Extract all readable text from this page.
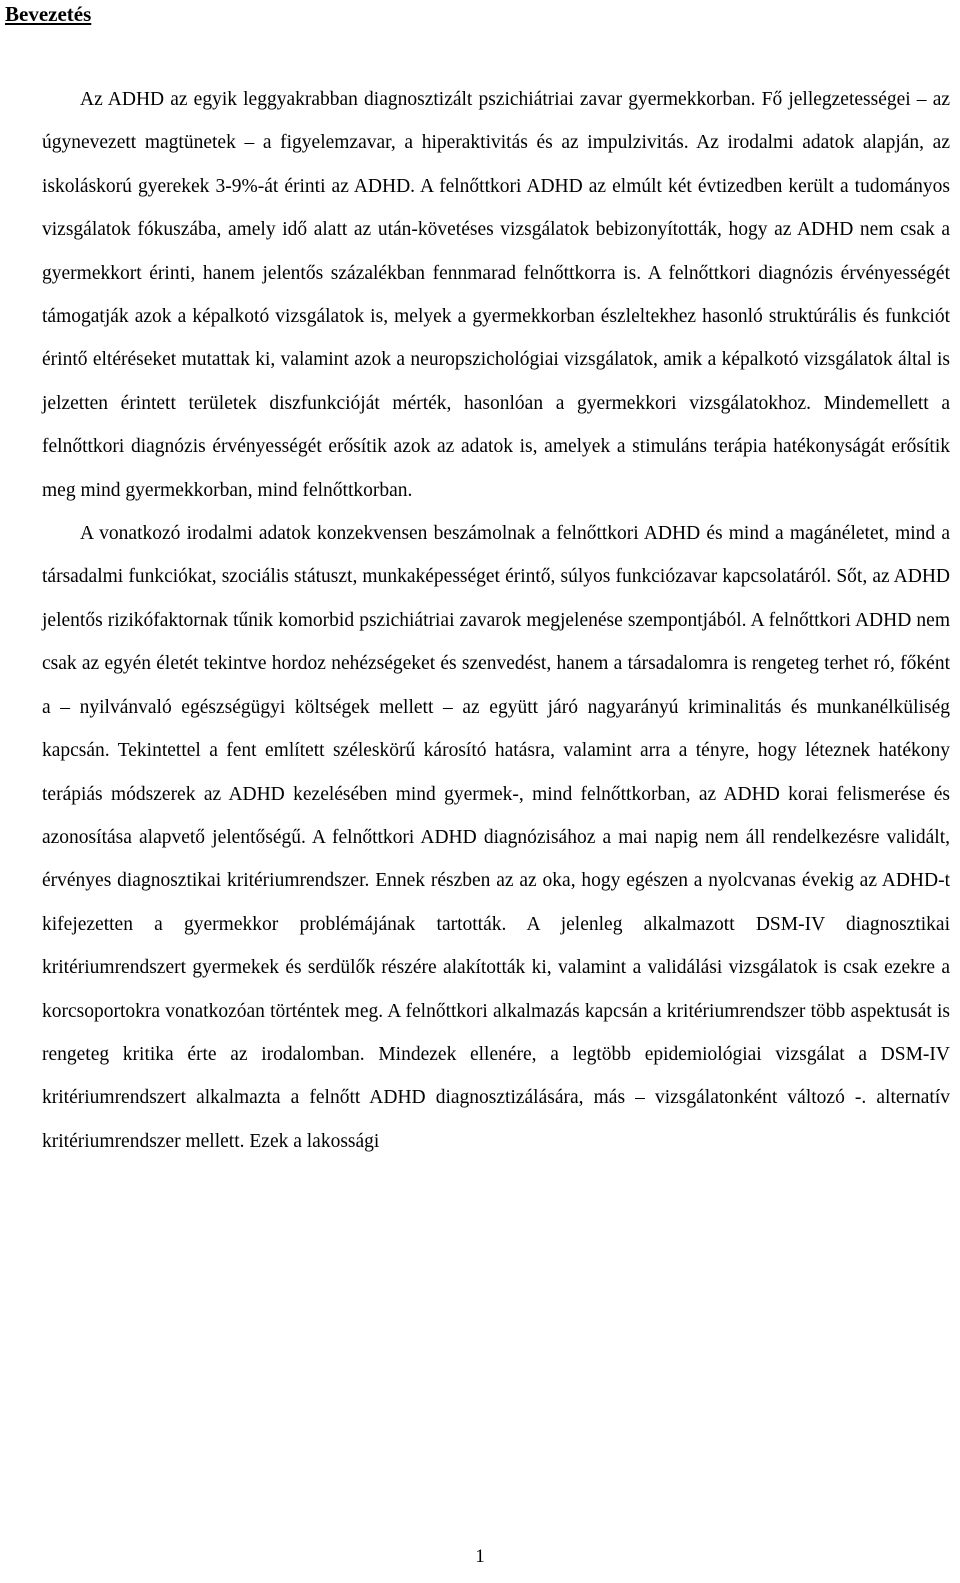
Bevezetés

Az ADHD az egyik leggyakrabban diagnosztizált pszichiátriai zavar gyermekkorban. Fő jellegzetességei – az úgynevezett magtünetek – a figyelemzavar, a hiperaktivitás és az impulzivitás. Az irodalmi adatok alapján, az iskoláskorú gyerekek 3-9%-át érinti az ADHD. A felnőttkori ADHD az elmúlt két évtizedben került a tudományos vizsgálatok fókuszába, amely idő alatt az után-követéses vizsgálatok bebizonyították, hogy az ADHD nem csak a gyermekkort érinti, hanem jelentős százalékban fennmarad felnőttkorra is. A felnőttkori diagnózis érvényességét támogatják azok a képalkotó vizsgálatok is, melyek a gyermekkorban észleltekhez hasonló struktúrális és funkciót érintő eltéréseket mutattak ki, valamint azok a neuropszichológiai vizsgálatok, amik a képalkotó vizsgálatok által is jelzetten érintett területek diszfunkcióját mérték, hasonlóan a gyermekkori vizsgálatokhoz. Mindemellett a felnőttkori diagnózis érvényességét erősítik azok az adatok is, amelyek a stimuláns terápia hatékonyságát erősítik meg mind gyermekkorban, mind felnőttkorban.

A vonatkozó irodalmi adatok konzekvensen beszámolnak a felnőttkori ADHD és mind a magánéletet, mind a társadalmi funkciókat, szociális státuszt, munkaképességet érintő, súlyos funkciózavar kapcsolatáról. Sőt, az ADHD jelentős rizikófaktornak tűnik komorbid pszichiátriai zavarok megjelenése szempontjából. A felnőttkori ADHD nem csak az egyén életét tekintve hordoz nehézségeket és szenvedést, hanem a társadalomra is rengeteg terhet ró, főként a – nyilvánvaló egészségügyi költségek mellett – az együtt járó nagyarányú kriminalitás és munkanélküliség kapcsán. Tekintettel a fent említett széleskörű károsító hatásra, valamint arra a tényre, hogy léteznek hatékony terápiás módszerek az ADHD kezelésében mind gyermek-, mind felnőttkorban, az ADHD korai felismerése és azonosítása alapvető jelentőségű. A felnőttkori ADHD diagnózisához a mai napig nem áll rendelkezésre validált, érvényes diagnosztikai kritériumrendszer. Ennek részben az az oka, hogy egészen a nyolcvanas évekig az ADHD-t kifejezetten a gyermekkor problémájának tartották. A jelenleg alkalmazott DSM-IV diagnosztikai kritériumrendszert gyermekek és serdülők részére alakították ki, valamint a validálási vizsgálatok is csak ezekre a korcsoportokra vonatkozóan történtek meg. A felnőttkori alkalmazás kapcsán a kritériumrendszer több aspektusát is rengeteg kritika érte az irodalomban. Mindezek ellenére, a legtöbb epidemiológiai vizsgálat a DSM-IV kritériumrendszert alkalmazta a felnőtt ADHD diagnosztizálására, más – vizsgálatonként változó -. alternatív kritériumrendszer mellett. Ezek a lakossági

1
